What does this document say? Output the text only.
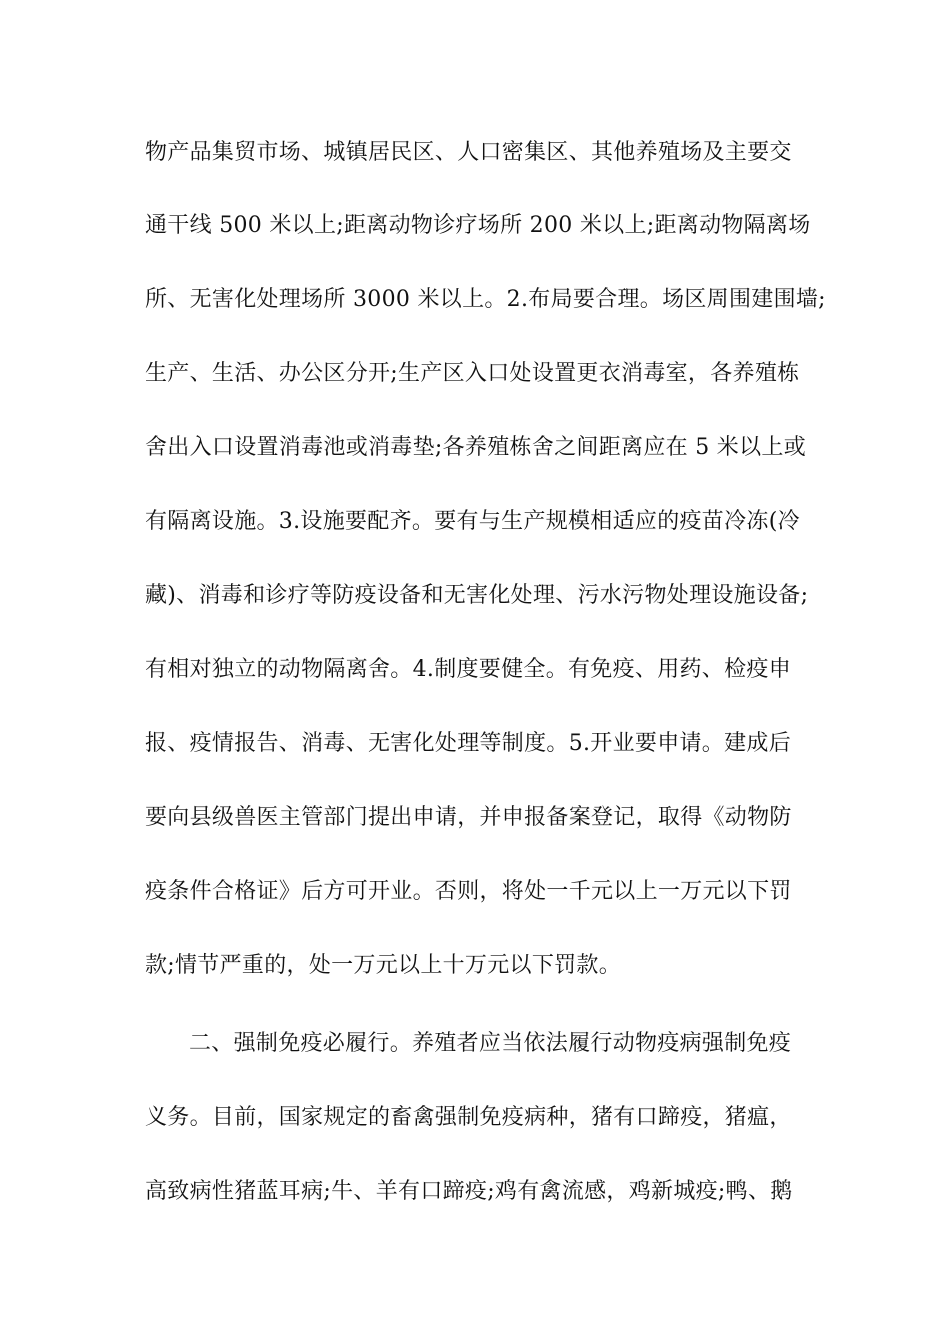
物产品集贸市场、城镇居民区、人口密集区、其他养殖场及主要交
通干线 500 米以上;距离动物诊疗场所 200 米以上;距离动物隔离场
所、无害化处理场所 3000 米以上。2.布局要合理。场区周围建围墙;
生产、生活、办公区分开;生产区入口处设置更衣消毒室，各养殖栋
舍出入口设置消毒池或消毒垫;各养殖栋舍之间距离应在 5 米以上或
有隔离设施。3.设施要配齐。要有与生产规模相适应的疫苗冷冻(冷
藏)、消毒和诊疗等防疫设备和无害化处理、污水污物处理设施设备;
有相对独立的动物隔离舍。4.制度要健全。有免疫、用药、检疫申
报、疫情报告、消毒、无害化处理等制度。5.开业要申请。建成后
要向县级兽医主管部门提出申请，并申报备案登记，取得《动物防
疫条件合格证》后方可开业。否则，将处一千元以上一万元以下罚
款;情节严重的，处一万元以上十万元以下罚款。
二、强制免疫必履行。养殖者应当依法履行动物疫病强制免疫
义务。目前，国家规定的畜禽强制免疫病种，猪有口蹄疫，猪瘟，
高致病性猪蓝耳病;牛、羊有口蹄疫;鸡有禽流感，鸡新城疫;鸭、鹅
